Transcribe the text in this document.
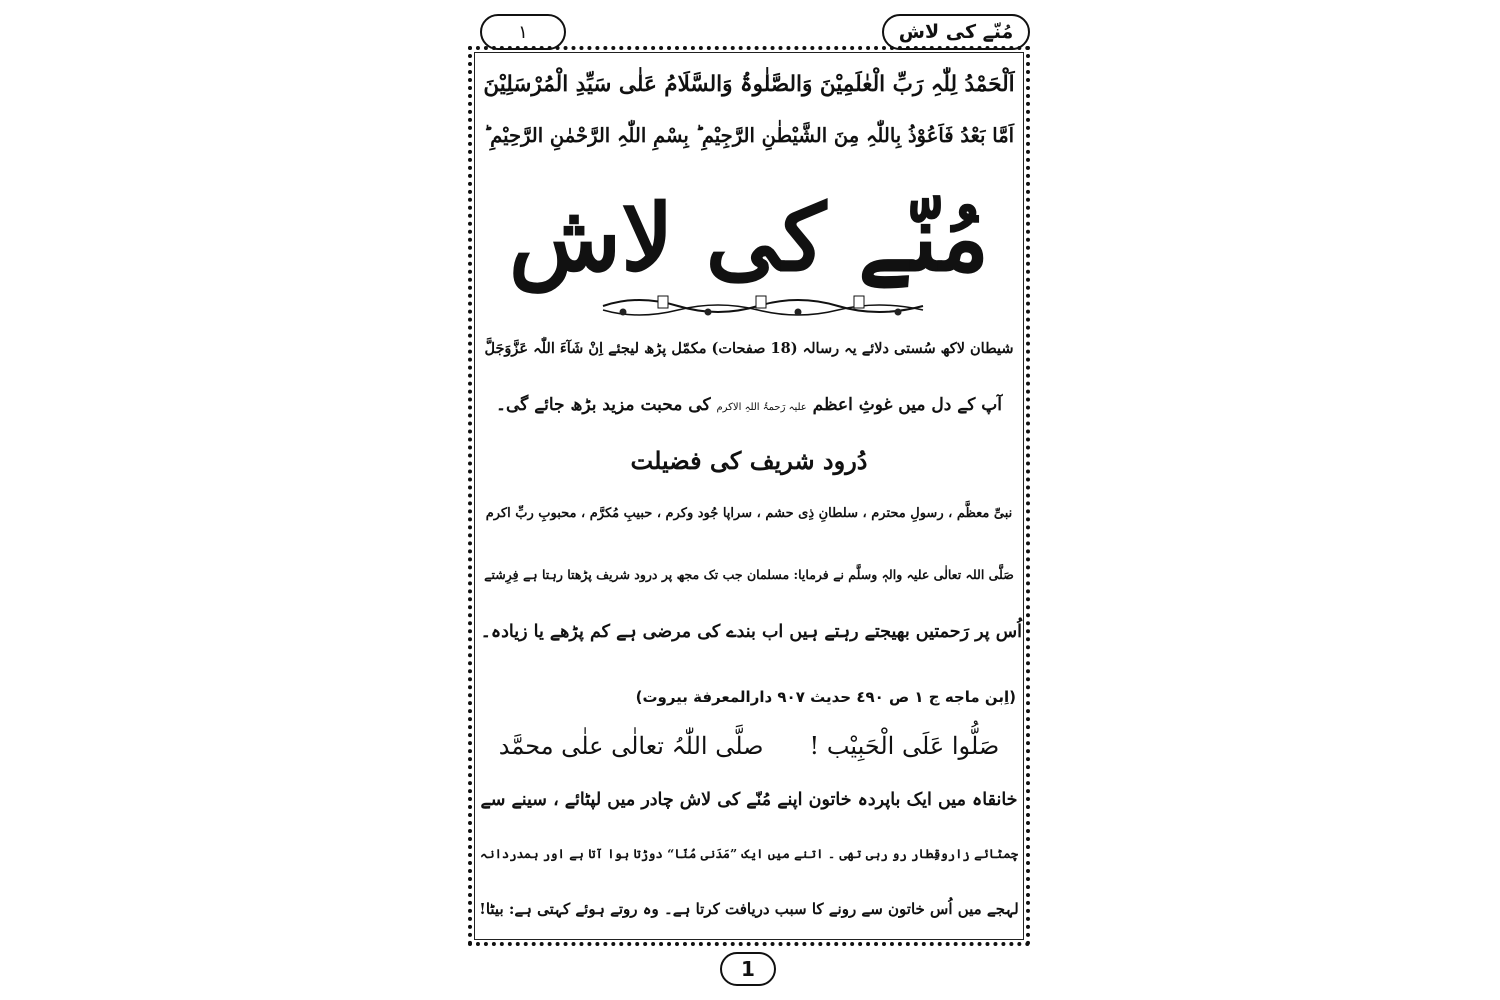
١	مُنّے کی لاش
اَلْحَمْدُ لِلّٰہِ رَبِّ الْعٰلَمِیْنَ وَالصَّلٰوۃُ وَالسَّلَامُ عَلٰی سَیِّدِ الْمُرْسَلِیْنَ
اَمَّا بَعْدُ فَاَعُوْذُ بِاللّٰہِ مِنَ الشَّیْطٰنِ الرَّجِیْمِ ؕ بِسْمِ اللّٰہِ الرَّحْمٰنِ الرَّحِیْمِ ؕ
مُنّے کی لاش
شیطان لاکھ سُستی دلائے یہ رسالہ (18 صفحات) مکمّل پڑھ لیجئے اِنْ شَآءَ اللّٰہ عَزَّوَجَلَّ
آپ کے دل میں غوثِ اعظم علیہ رَحمۃُ اللہِ الاکرم کی محبت مزید بڑھ جائے گی۔
دُرود شریف کی فضیلت
نبیِّ معظَّم ، رسولِ محترم ، سلطانِ ذِی حشم ، سراپا جُود وکرم ، حبیبِ مُکرَّم ، محبوبِ ربِّ اکرم
صَلَّی اللہ تعالٰی علیہ والہٖ وسلَّم نے فرمایا: مسلمان جب تک مجھ پر درود شریف پڑھتا رہتا ہے فِرِشتے
اُس پر رَحمتیں بھیجتے رہتے ہیں اب بندے کی مرضی ہے کم پڑھے یا زیادہ۔
(اِبن ماجه ج ١ ص ٤٩٠ حديث ٩٠٧ دارالمعرفة بيروت)
صَلُّوا عَلَی الْحَبِیْب !صلَّی اللّٰہُ تعالٰی علٰی محمَّد
خانقاہ میں ایک باپردہ خاتون اپنے مُنّے کی لاش چادر میں لپٹائے ، سینے سے
چمٹائے زاروقِطار رو رہی تھی ۔ اتنے میں ایک ”مَدَنی مُنّا“ دوڑتا ہوا آتا ہے اور ہمدردانہ
لہجے میں اُس خاتون سے رونے کا سبب دریافت کرتا ہے۔ وہ روتے ہوئے کہتی ہے: بیٹا!
1
